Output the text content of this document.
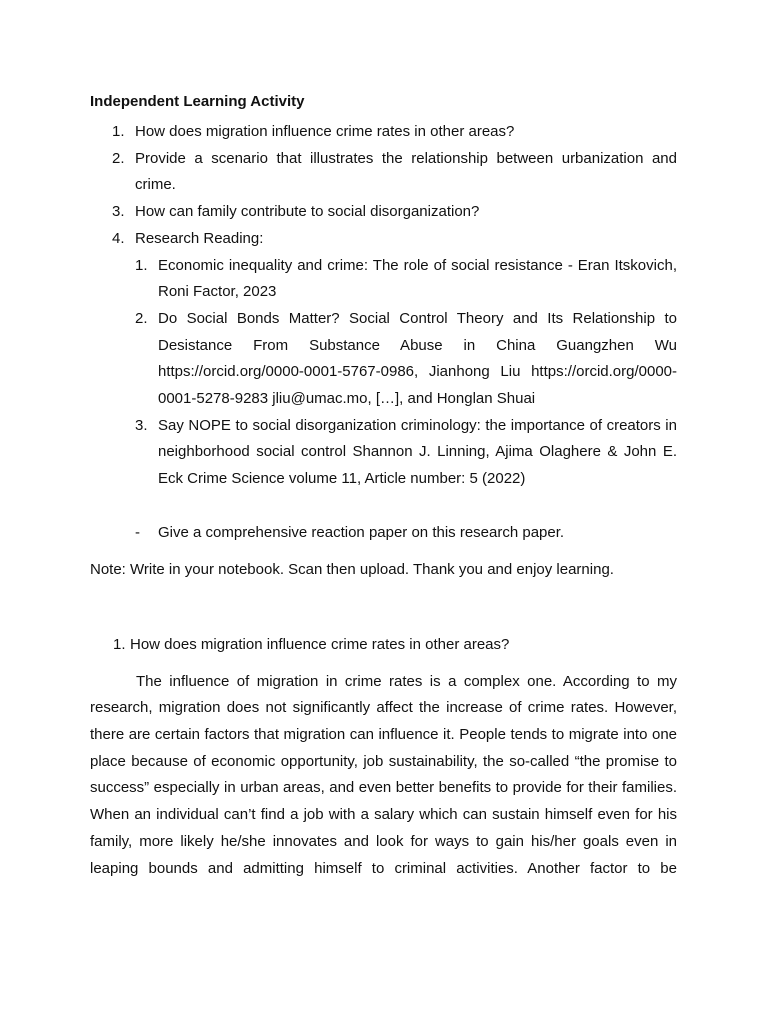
Independent Learning Activity
1. How does migration influence crime rates in other areas?
2. Provide a scenario that illustrates the relationship between urbanization and crime.
3. How can family contribute to social disorganization?
4. Research Reading:
1. Economic inequality and crime: The role of social resistance - Eran Itskovich, Roni Factor, 2023
2. Do Social Bonds Matter? Social Control Theory and Its Relationship to Desistance From Substance Abuse in China Guangzhen Wu https://orcid.org/0000-0001-5767-0986, Jianhong Liu https://orcid.org/0000-0001-5278-9283 jliu@umac.mo, […], and Honglan Shuai
3. Say NOPE to social disorganization criminology: the importance of creators in neighborhood social control Shannon J. Linning, Ajima Olaghere & John E. Eck Crime Science volume 11, Article number: 5 (2022)
- Give a comprehensive reaction paper on this research paper.
Note: Write in your notebook. Scan then upload. Thank you and enjoy learning.
1. How does migration influence crime rates in other areas?
The influence of migration in crime rates is a complex one. According to my
research, migration does not significantly affect the increase of crime rates. However,
there are certain factors that migration can influence it. People tends to migrate into one
place because of economic opportunity, job sustainability, the so-called “the promise to
success” especially in urban areas, and even better benefits to provide for their families.
When an individual can’t find a job with a salary which can sustain himself even for his
family, more likely he/she innovates and look for ways to gain his/her goals even in
leaping bounds and admitting himself to criminal activities. Another factor to be
